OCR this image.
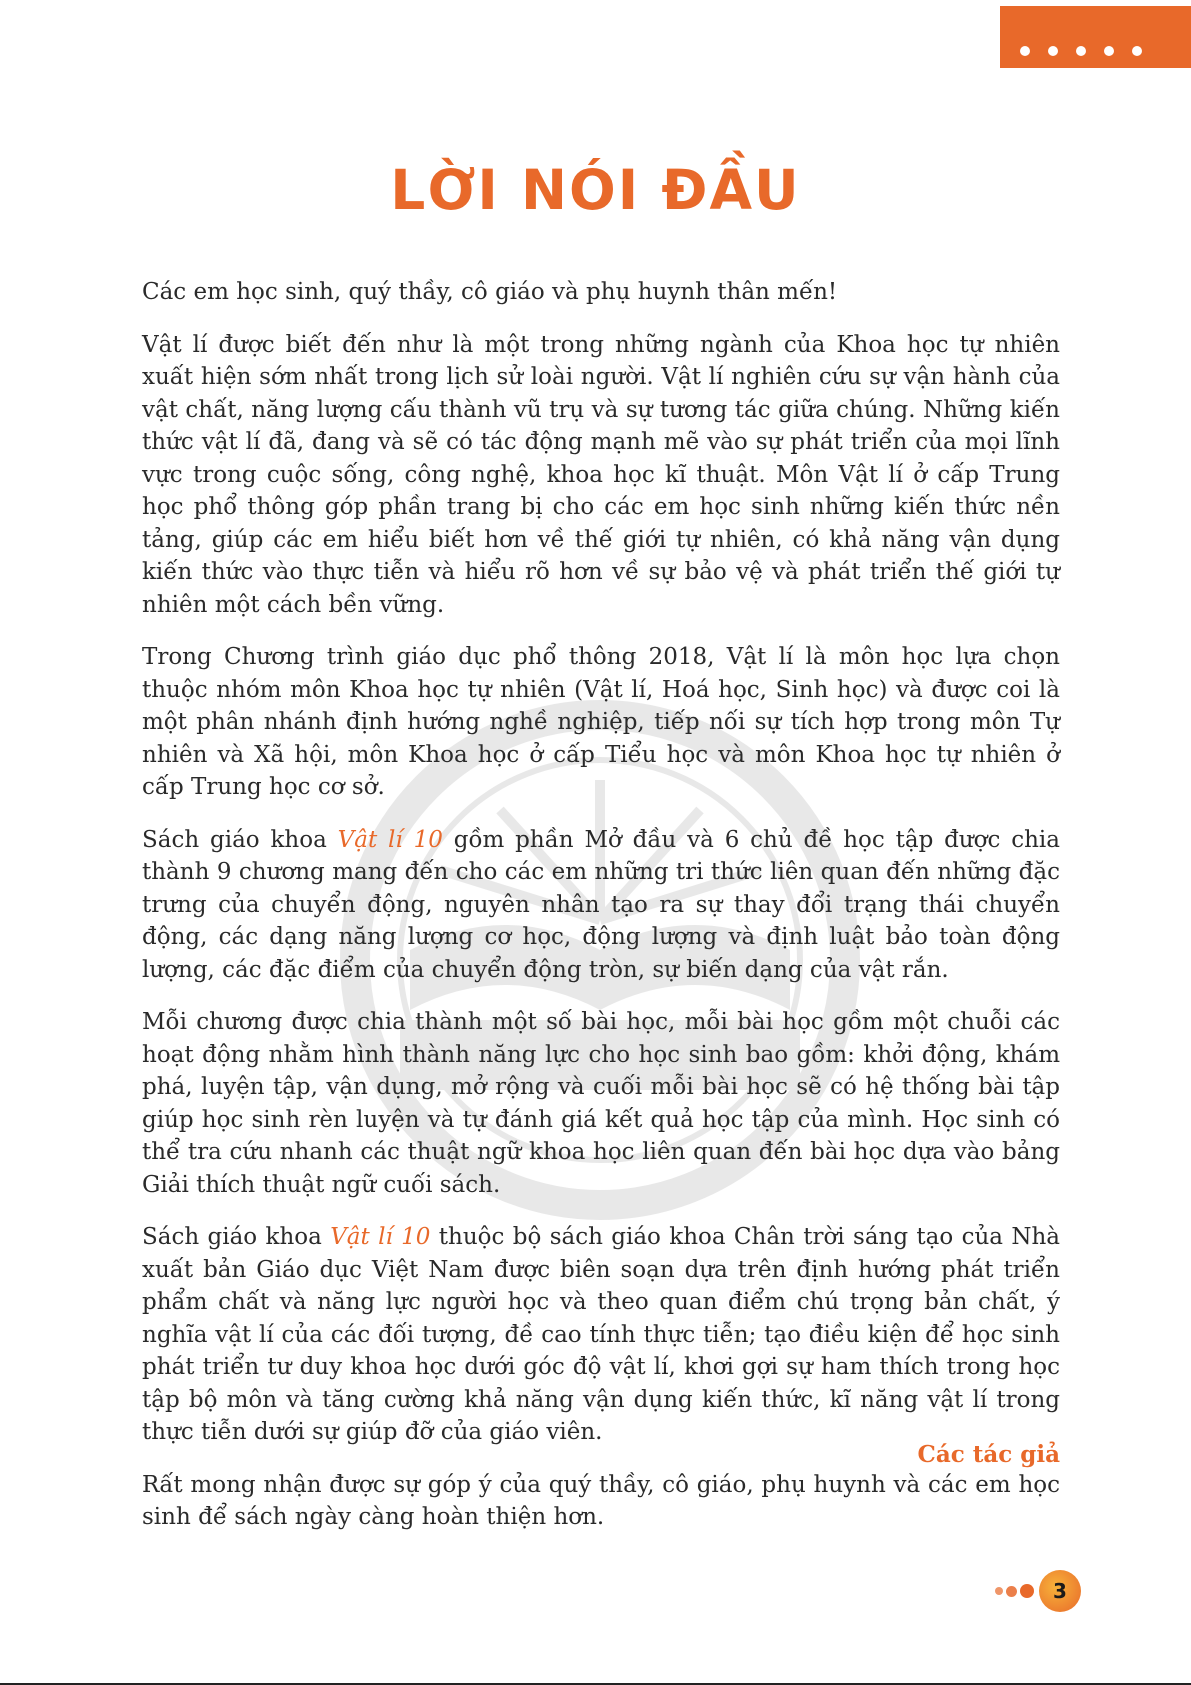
LỜI NÓI ĐẦU

Các em học sinh, quý thầy, cô giáo và phụ huynh thân mến!

Vật lí được biết đến như là một trong những ngành của Khoa học tự nhiên xuất hiện sớm nhất trong lịch sử loài người. Vật lí nghiên cứu sự vận hành của vật chất, năng lượng cấu thành vũ trụ và sự tương tác giữa chúng. Những kiến thức vật lí đã, đang và sẽ có tác động mạnh mẽ vào sự phát triển của mọi lĩnh vực trong cuộc sống, công nghệ, khoa học kĩ thuật. Môn Vật lí ở cấp Trung học phổ thông góp phần trang bị cho các em học sinh những kiến thức nền tảng, giúp các em hiểu biết hơn về thế giới tự nhiên, có khả năng vận dụng kiến thức vào thực tiễn và hiểu rõ hơn về sự bảo vệ và phát triển thế giới tự nhiên một cách bền vững.

Trong Chương trình giáo dục phổ thông 2018, Vật lí là môn học lựa chọn thuộc nhóm môn Khoa học tự nhiên (Vật lí, Hoá học, Sinh học) và được coi là một phân nhánh định hướng nghề nghiệp, tiếp nối sự tích hợp trong môn Tự nhiên và Xã hội, môn Khoa học ở cấp Tiểu học và môn Khoa học tự nhiên ở cấp Trung học cơ sở.

Sách giáo khoa Vật lí 10 gồm phần Mở đầu và 6 chủ đề học tập được chia thành 9 chương mang đến cho các em những tri thức liên quan đến những đặc trưng của chuyển động, nguyên nhân tạo ra sự thay đổi trạng thái chuyển động, các dạng năng lượng cơ học, động lượng và định luật bảo toàn động lượng, các đặc điểm của chuyển động tròn, sự biến dạng của vật rắn.

Mỗi chương được chia thành một số bài học, mỗi bài học gồm một chuỗi các hoạt động nhằm hình thành năng lực cho học sinh bao gồm: khởi động, khám phá, luyện tập, vận dụng, mở rộng và cuối mỗi bài học sẽ có hệ thống bài tập giúp học sinh rèn luyện và tự đánh giá kết quả học tập của mình. Học sinh có thể tra cứu nhanh các thuật ngữ khoa học liên quan đến bài học dựa vào bảng Giải thích thuật ngữ cuối sách.

Sách giáo khoa Vật lí 10 thuộc bộ sách giáo khoa Chân trời sáng tạo của Nhà xuất bản Giáo dục Việt Nam được biên soạn dựa trên định hướng phát triển phẩm chất và năng lực người học và theo quan điểm chú trọng bản chất, ý nghĩa vật lí của các đối tượng, đề cao tính thực tiễn; tạo điều kiện để học sinh phát triển tư duy khoa học dưới góc độ vật lí, khơi gợi sự ham thích trong học tập bộ môn và tăng cường khả năng vận dụng kiến thức, kĩ năng vật lí trong thực tiễn dưới sự giúp đỡ của giáo viên.

Rất mong nhận được sự góp ý của quý thầy, cô giáo, phụ huynh và các em học sinh để sách ngày càng hoàn thiện hơn.

Các tác giả
3
